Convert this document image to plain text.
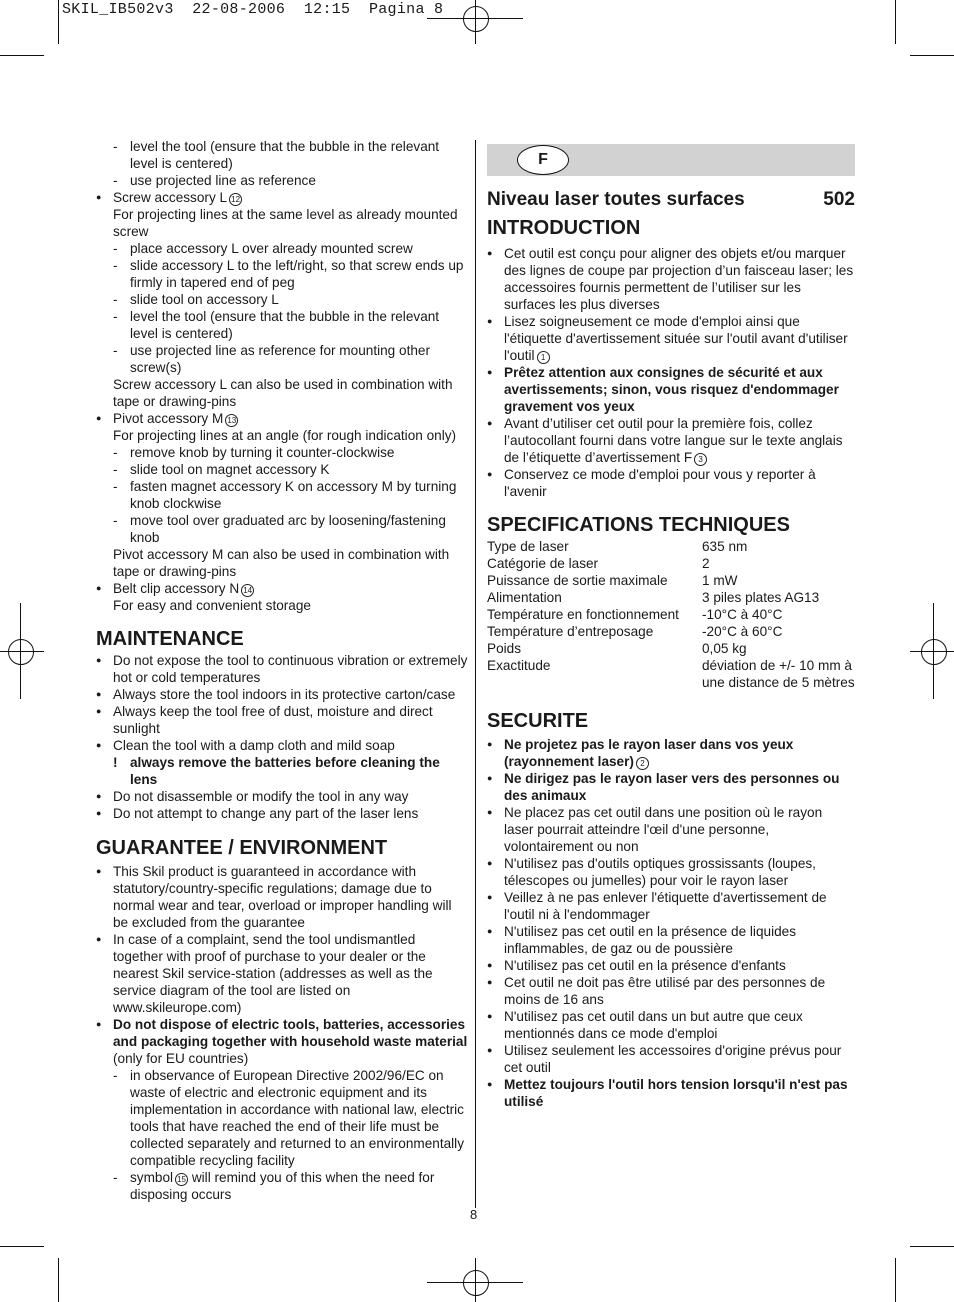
SKIL_IB502v3  22-08-2006  12:15  Pagina 8
- level the tool (ensure that the bubble in the relevant level is centered)
- use projected line as reference
● Screw accessory L 12
For projecting lines at the same level as already mounted screw
- place accessory L over already mounted screw
- slide accessory L to the left/right, so that screw ends up firmly in tapered end of peg
- slide tool on accessory L
- level the tool (ensure that the bubble in the relevant level is centered)
- use projected line as reference for mounting other screw(s)
Screw accessory L can also be used in combination with tape or drawing-pins
● Pivot accessory M 13
For projecting lines at an angle (for rough indication only)
- remove knob by turning it counter-clockwise
- slide tool on magnet accessory K
- fasten magnet accessory K on accessory M by turning knob clockwise
- move tool over graduated arc by loosening/fastening knob
Pivot accessory M can also be used in combination with tape or drawing-pins
● Belt clip accessory N 14
For easy and convenient storage
MAINTENANCE
● Do not expose the tool to continuous vibration or extremely hot or cold temperatures
● Always store the tool indoors in its protective carton/case
● Always keep the tool free of dust, moisture and direct sunlight
● Clean the tool with a damp cloth and mild soap
! always remove the batteries before cleaning the lens
● Do not disassemble or modify the tool in any way
● Do not attempt to change any part of the laser lens
GUARANTEE / ENVIRONMENT
● This Skil product is guaranteed in accordance with statutory/country-specific regulations; damage due to normal wear and tear, overload or improper handling will be excluded from the guarantee
● In case of a complaint, send the tool undismantled together with proof of purchase to your dealer or the nearest Skil service-station (addresses as well as the service diagram of the tool are listed on www.skileurope.com)
● Do not dispose of electric tools, batteries, accessories and packaging together with household waste material (only for EU countries)
- in observance of European Directive 2002/96/EC on waste of electric and electronic equipment and its implementation in accordance with national law, electric tools that have reached the end of their life must be collected separately and returned to an environmentally compatible recycling facility
- symbol 15 will remind you of this when the need for disposing occurs
F
Niveau laser toutes surfaces	502
INTRODUCTION
● Cet outil est conçu pour aligner des objets et/ou marquer des lignes de coupe par projection d’un faisceau laser; les accessoires fournis permettent de l’utiliser sur les surfaces les plus diverses
● Lisez soigneusement ce mode d'emploi ainsi que l'étiquette d'avertissement située sur l'outil avant d'utiliser l'outil 1
● Prêtez attention aux consignes de sécurité et aux avertissements; sinon, vous risquez d'endommager gravement vos yeux
● Avant d’utiliser cet outil pour la première fois, collez l’autocollant fourni dans votre langue sur le texte anglais de l’étiquette d’avertissement F 3
● Conservez ce mode d'emploi pour vous y reporter à l'avenir
SPECIFICATIONS TECHNIQUES
Type de laser	635 nm
Catégorie de laser	2
Puissance de sortie maximale	1 mW
Alimentation	3 piles plates AG13
Température en fonctionnement	-10°C à 40°C
Température d’entreposage	-20°C à 60°C
Poids	0,05 kg
Exactitude	déviation de +/- 10 mm à une distance de 5 mètres
SECURITE
● Ne projetez pas le rayon laser dans vos yeux (rayonnement laser) 2
● Ne dirigez pas le rayon laser vers des personnes ou des animaux
● Ne placez pas cet outil dans une position où le rayon laser pourrait atteindre l'œil d'une personne, volontairement ou non
● N'utilisez pas d'outils optiques grossissants (loupes, télescopes ou jumelles) pour voir le rayon laser
● Veillez à ne pas enlever l'étiquette d'avertissement de l'outil ni à l'endommager
● N'utilisez pas cet outil en la présence de liquides inflammables, de gaz ou de poussière
● N'utilisez pas cet outil en la présence d'enfants
● Cet outil ne doit pas être utilisé par des personnes de moins de 16 ans
● N'utilisez pas cet outil dans un but autre que ceux mentionnés dans ce mode d'emploi
● Utilisez seulement les accessoires d'origine prévus pour cet outil
● Mettez toujours l'outil hors tension lorsqu'il n'est pas utilisé
8
